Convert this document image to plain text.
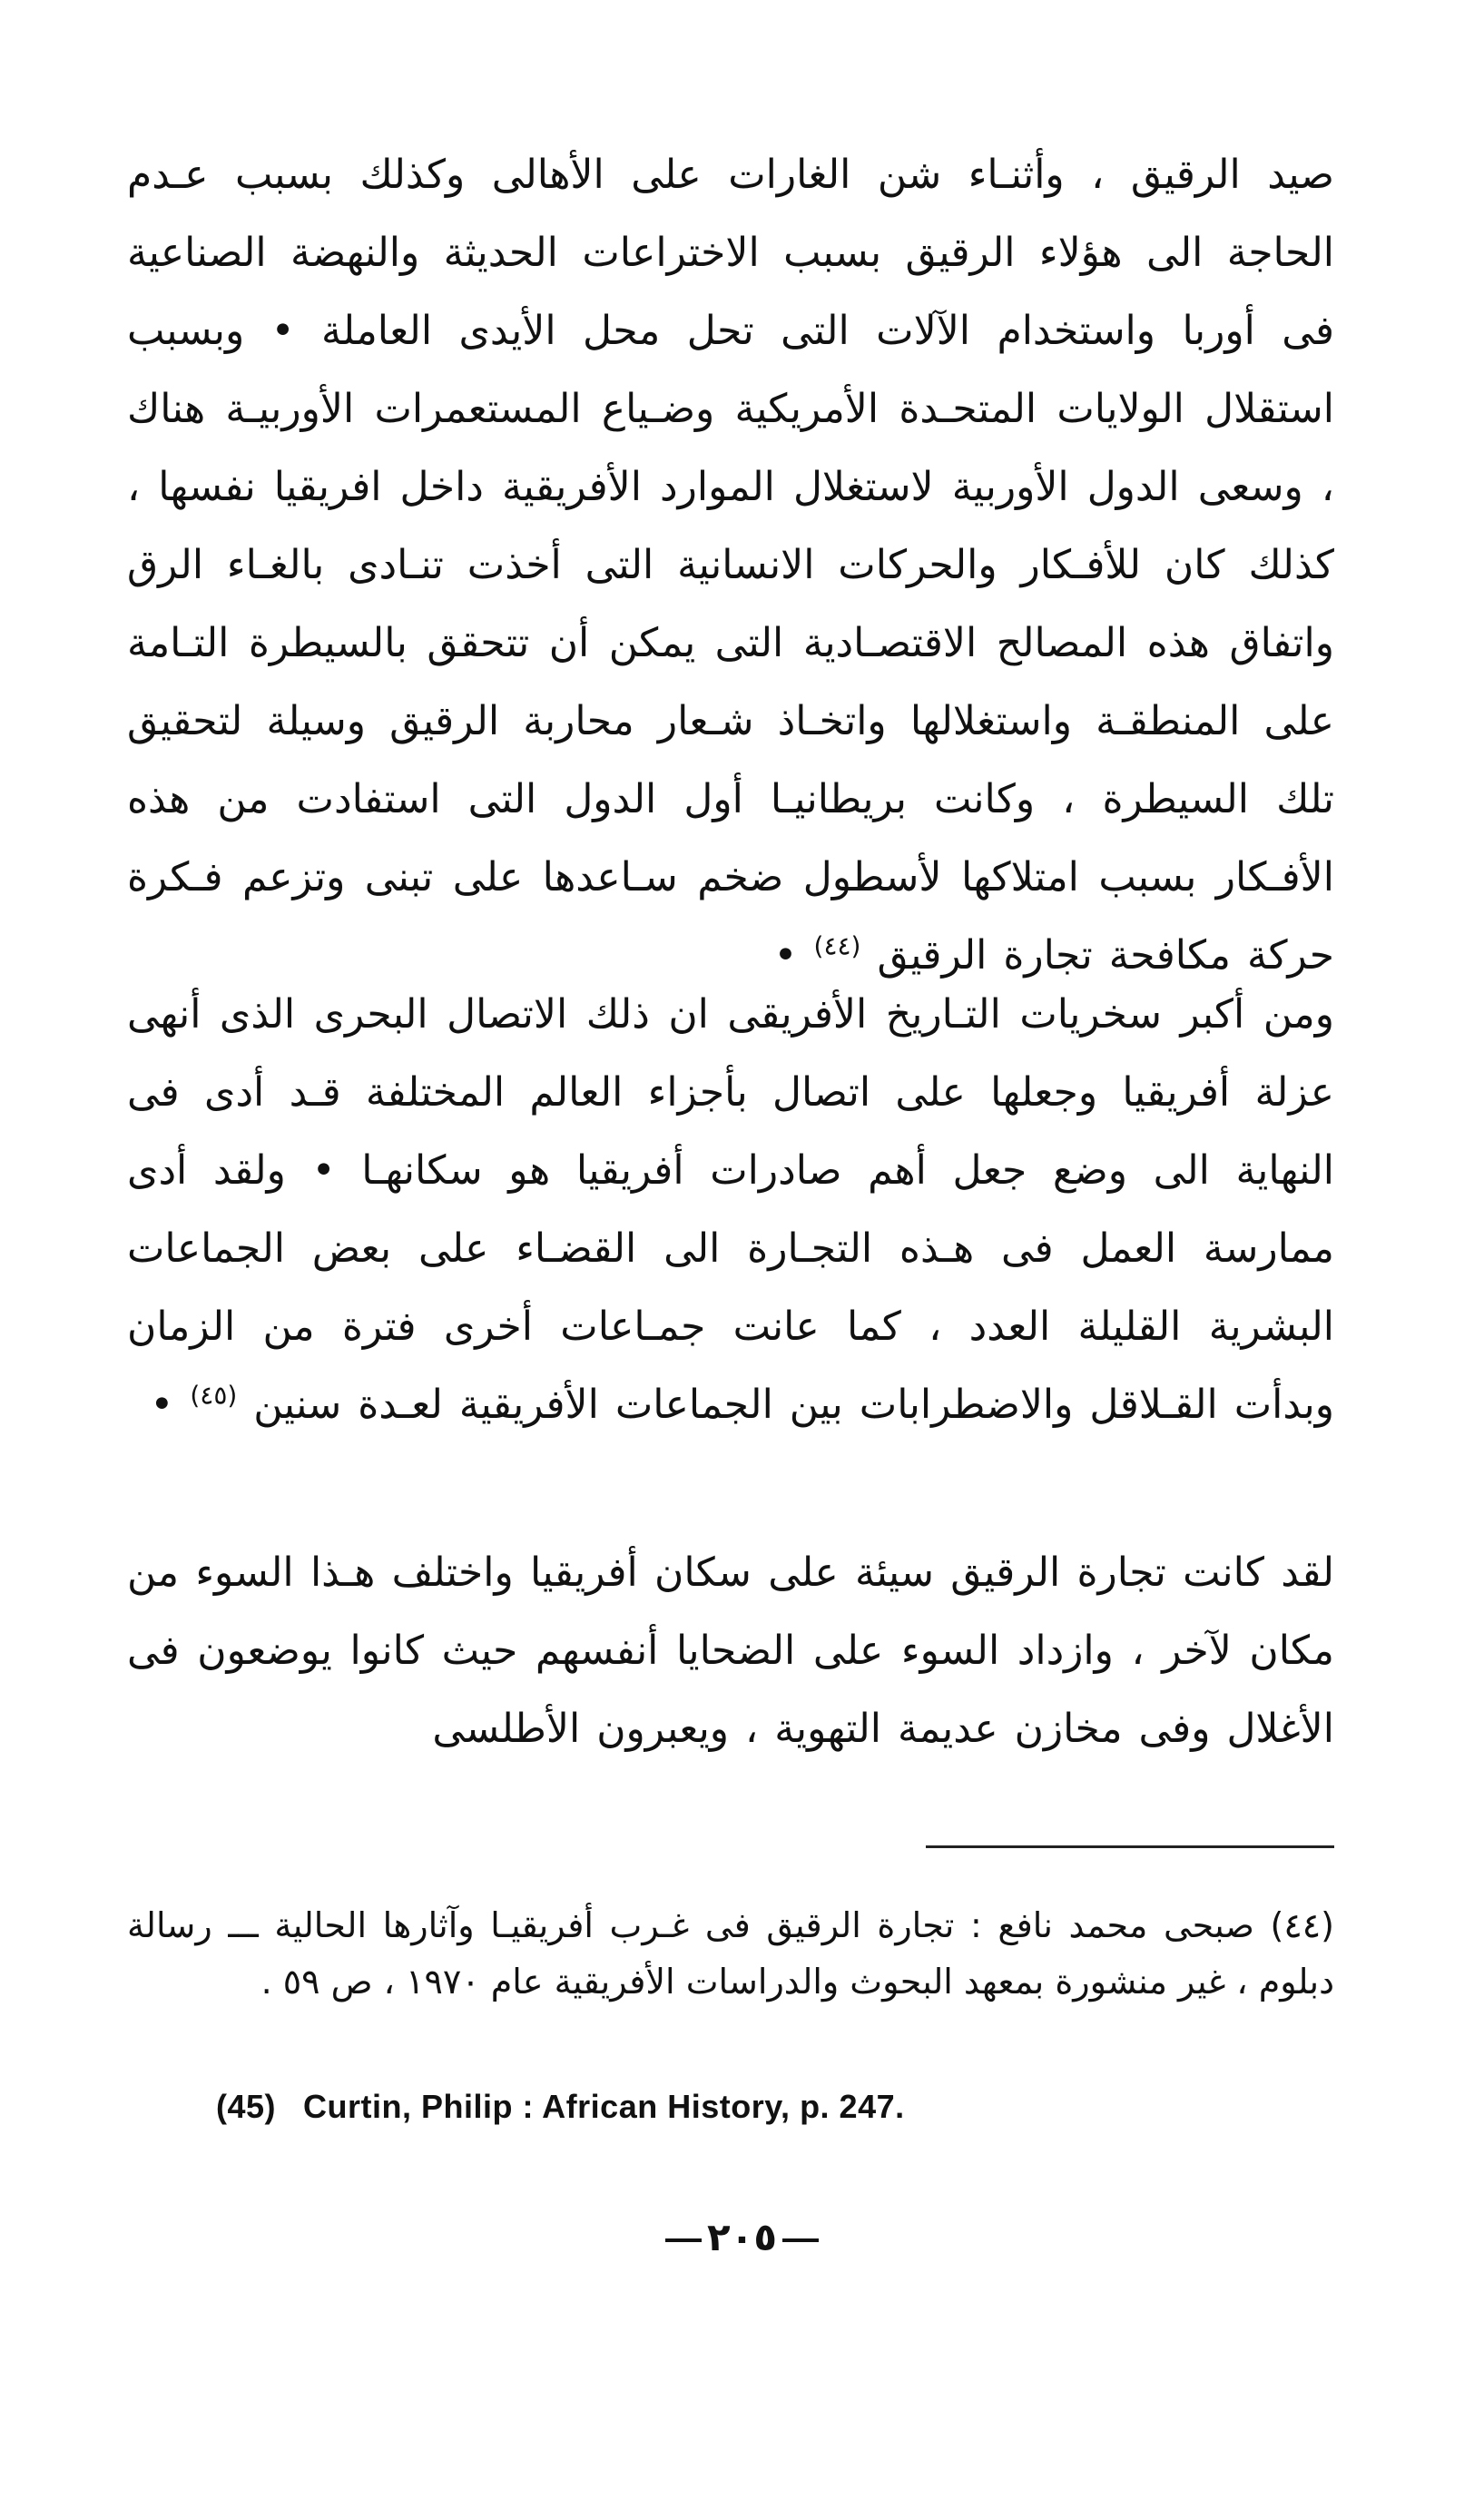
صيد الرقيق ، وأثنـاء شن الغارات على الأهالى وكذلك بسبب عـدم الحاجة الى هؤلاء الرقيق بسبب الاختراعات الحديثة والنهضة الصناعية فى أوربا واستخدام الآلات التى تحل محل الأيدى العاملة • وبسبب استقلال الولايات المتحـدة الأمريكية وضـياع المستعمرات الأوربيـة هناك ، وسعى الدول الأوربية لاستغلال الموارد الأفريقية داخل افريقيا نفسها ، كذلك كان للأفـكار والحركات الانسانية التى أخذت تنـادى بالغـاء الرق واتفاق هذه المصالح الاقتصـادية التى يمكن أن تتحقق بالسيطرة التـامة على المنطقـة واستغلالها واتخـاذ شـعار محاربة الرقيق وسيلة لتحقيق تلك السيطرة ، وكانت بريطانيـا أول الدول التى استفادت من هذه الأفـكار بسبب امتلاكها لأسطول ضخم سـاعدها على تبنى وتزعم فـكرة حركة مكافحة تجارة الرقيق $^{(٤٤)}$ •
ومن أكبر سخريات التـاريخ الأفريقى ان ذلك الاتصال البحرى الذى أنهى عزلة أفريقيا وجعلها على اتصال بأجزاء العالم المختلفة قـد أدى فى النهاية الى وضع جعل أهم صادرات أفريقيا هو سكانهـا • ولقد أدى ممارسة العمل فى هـذه التجـارة الى القضـاء على بعض الجماعات البشرية القليلة العدد ، كما عانت جمـاعات أخرى فترة من الزمان وبدأت القـلاقل والاضطرابات بين الجماعات الأفريقية لعـدة سنين $^{(٤٥)}$ •
لقد كانت تجارة الرقيق سيئة على سكان أفريقيا واختلف هـذا السوء من مكان لآخر ، وازداد السوء على الضحايا أنفسهم حيث كانوا يوضعون فى الأغلال وفى مخازن عديمة التهوية ، ويعبرون الأطلسى
(٤٤) صبحى محمد نافع : تجارة الرقيق فى غـرب أفريقيـا وآثارها الحالية ـــ رسالة دبلوم ، غير منشورة بمعهد البحوث والدراسات الأفريقية عام ١٩٧٠ ، ص ٥٩ .
(45) Curtin, Philip : African History, p. 247.
٢٠٥
